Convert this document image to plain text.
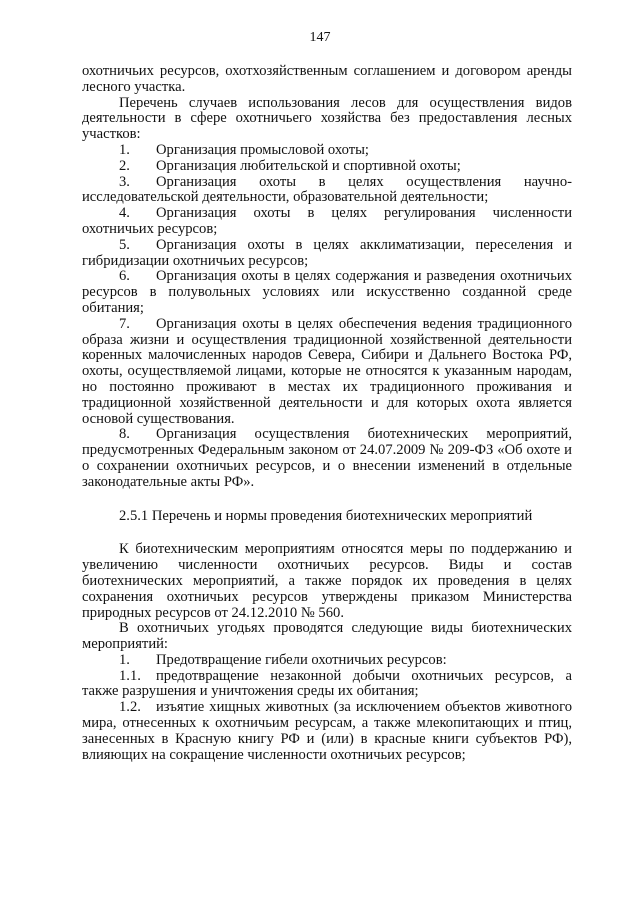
147

охотничьих ресурсов, охотхозяйственным соглашением и договором аренды лесного участка.

Перечень случаев использования лесов для осуществления видов деятельности в сфере охотничьего хозяйства без предоставления лесных участков:

1. Организация промысловой охоты;

2. Организация любительской и спортивной охоты;

3. Организация охоты в целях осуществления научно-исследовательской деятельности, образовательной деятельности;

4. Организация охоты в целях регулирования численности охотничьих ресурсов;

5. Организация охоты в целях акклиматизации, переселения и гибридизации охотничьих ресурсов;

6. Организация охоты в целях содержания и разведения охотничьих ресурсов в полувольных условиях или искусственно созданной среде обитания;

7. Организация охоты в целях обеспечения ведения традиционного образа жизни и осуществления традиционной хозяйственной деятельности коренных малочисленных народов Севера, Сибири и Дальнего Востока РФ, охоты, осуществляемой лицами, которые не относятся к указанным народам, но постоянно проживают в местах их традиционного проживания и традиционной хозяйственной деятельности и для которых охота является основой существования.

8. Организация осуществления биотехнических мероприятий, предусмотренных Федеральным законом от 24.07.2009 № 209-ФЗ «Об охоте и о сохранении охотничьих ресурсов, и о внесении изменений в отдельные законодательные акты РФ».

2.5.1 Перечень и нормы проведения биотехнических мероприятий

К биотехническим мероприятиям относятся меры по поддержанию и увеличению численности охотничьих ресурсов. Виды и состав биотехнических мероприятий, а также порядок их проведения в целях сохранения охотничьих ресурсов утверждены приказом Министерства природных ресурсов от 24.12.2010 № 560.

В охотничьих угодьях проводятся следующие виды биотехнических мероприятий:

1. Предотвращение гибели охотничьих ресурсов:

1.1. предотвращение незаконной добычи охотничьих ресурсов, а также разрушения и уничтожения среды их обитания;

1.2. изъятие хищных животных (за исключением объектов животного мира, отнесенных к охотничьим ресурсам, а также млекопитающих и птиц, занесенных в Красную книгу РФ и (или) в красные книги субъектов РФ), влияющих на сокращение численности охотничьих ресурсов;
